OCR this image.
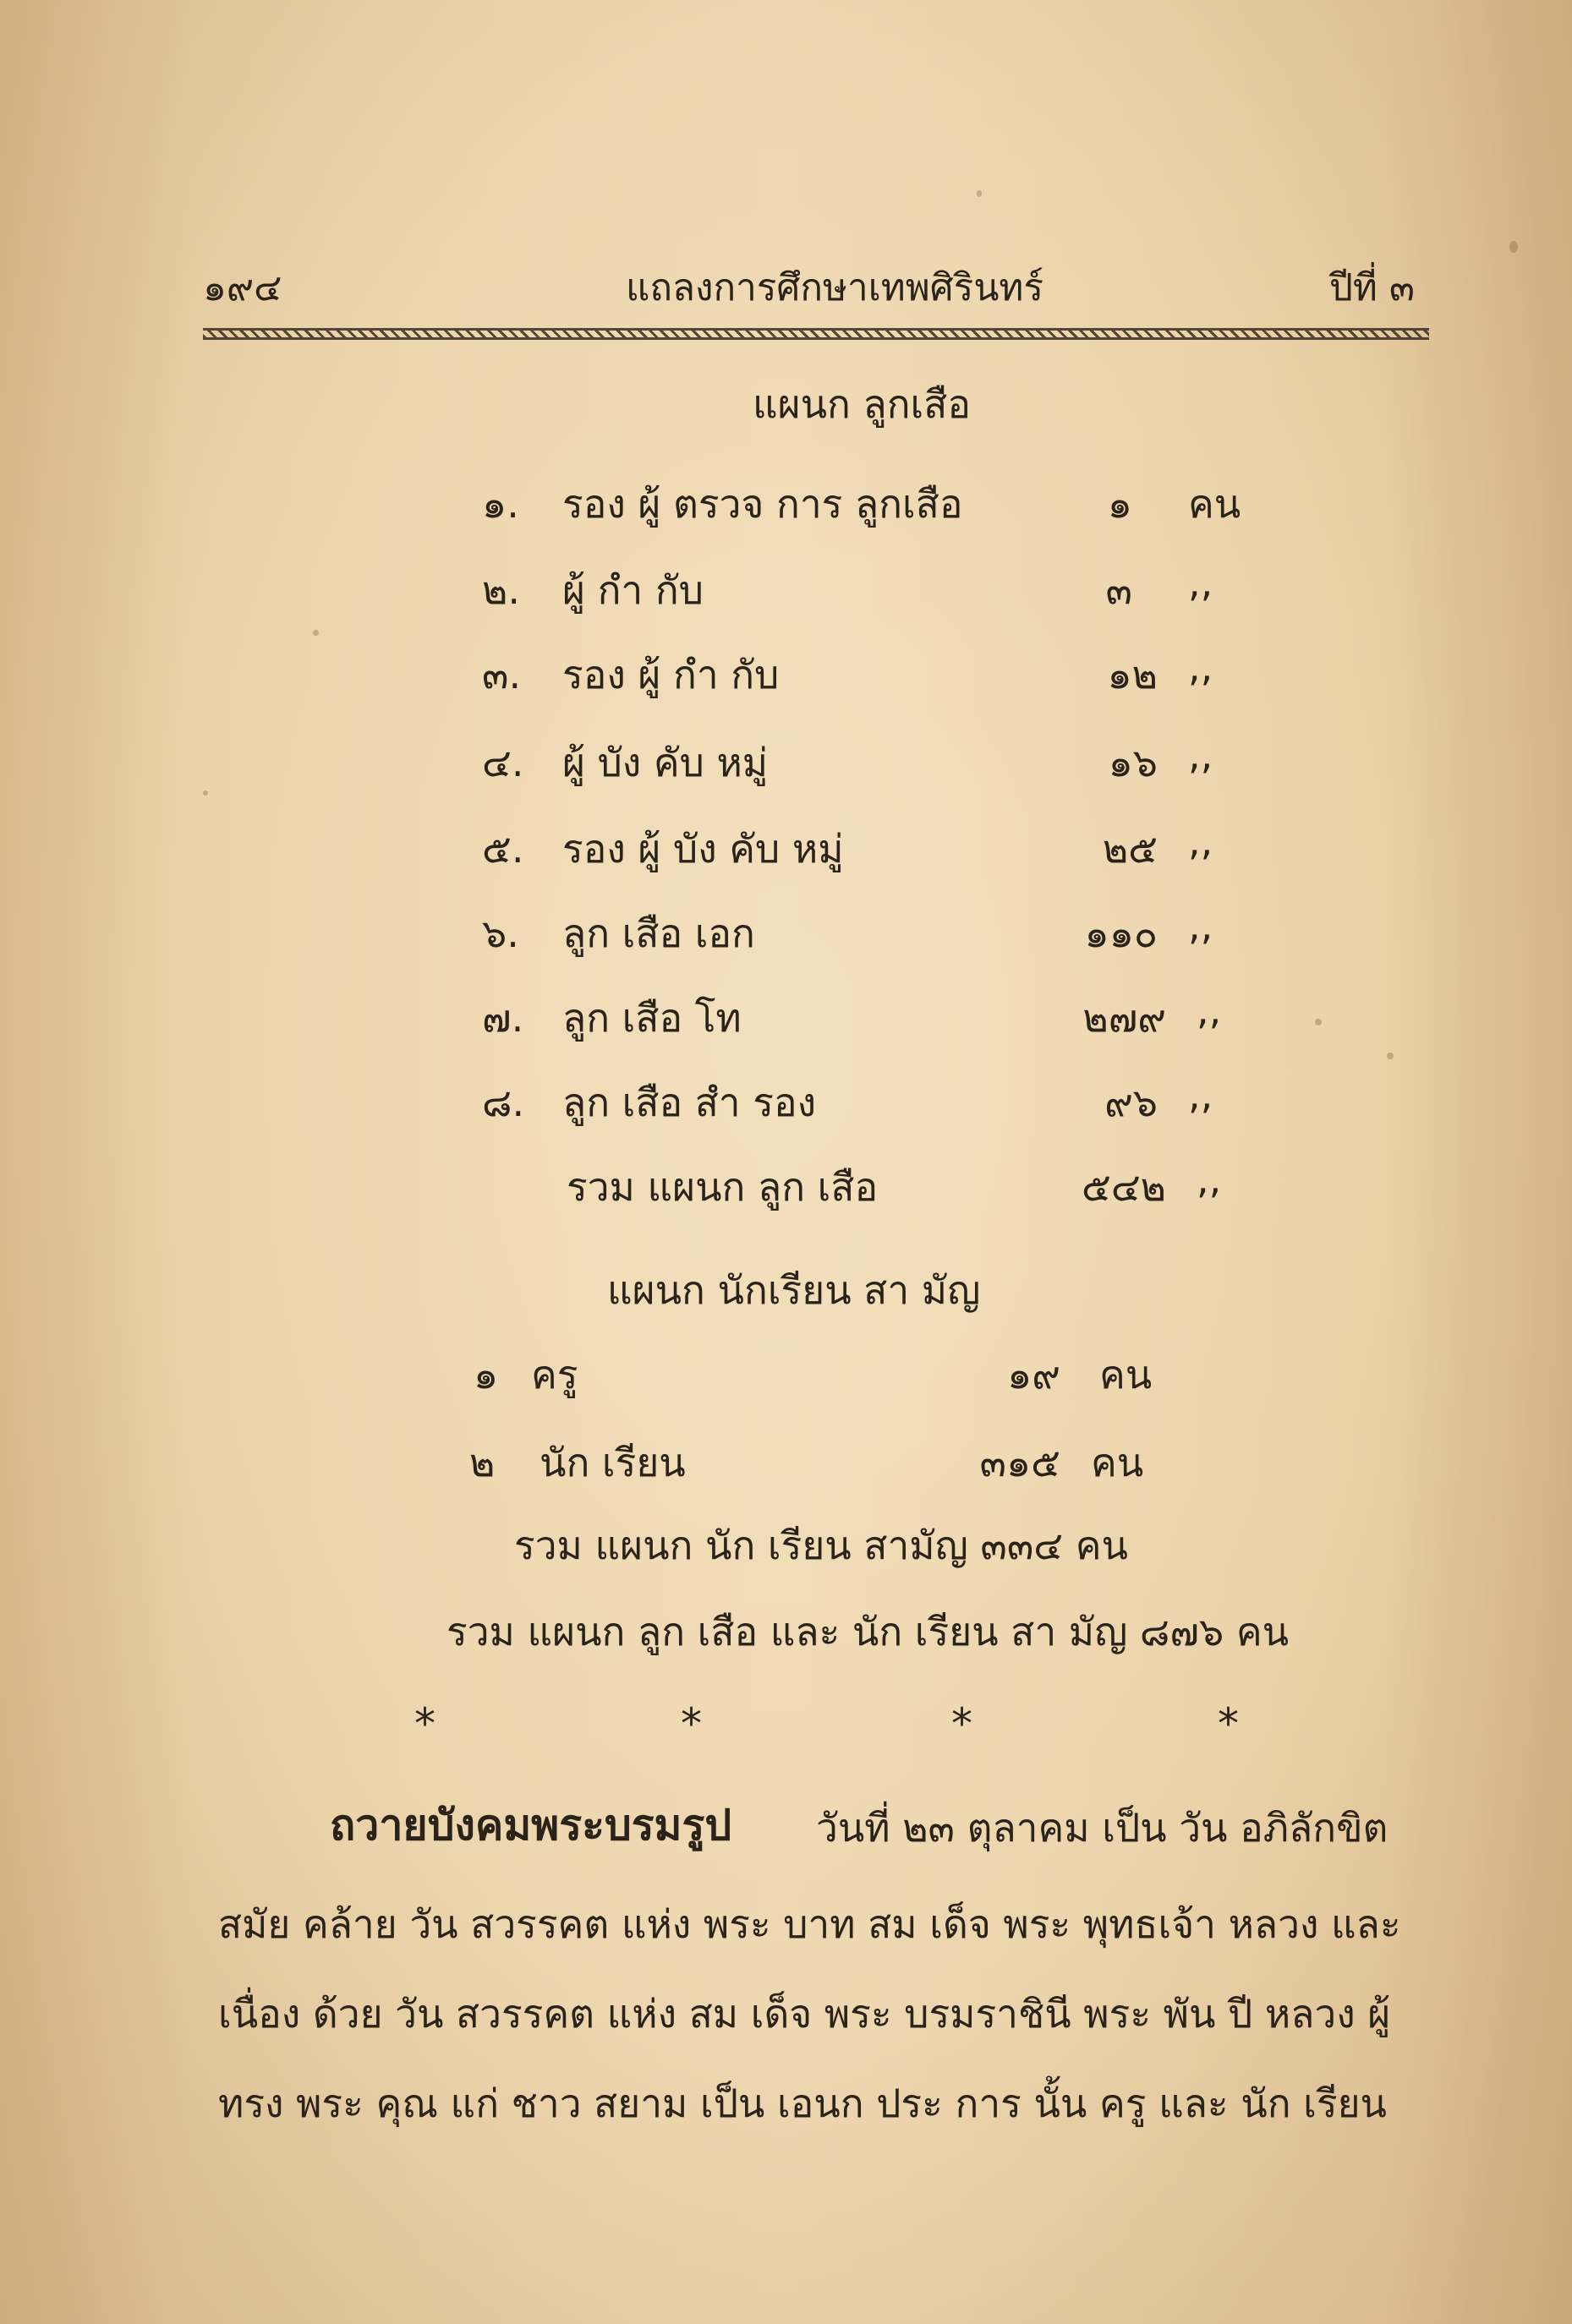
๑๙๔	แถลงการศึกษาเทพศิรินทร์	ปีที่ ๓
แผนก ลูกเสือ
๑. รอง ผู้ ตรวจ การ ลูกเสือ	๑ คน
๒. ผู้ กำ กับ	๓ ,,
๓. รอง ผู้ กำ กับ	๑๒ ,,
๔. ผู้ บัง คับ หมู่	๑๖ ,,
๕. รอง ผู้ บัง คับ หมู่	๒๕ ,,
๖. ลูก เสือ เอก	๑๑๐ ,,
๗. ลูก เสือ โท	๒๗๙ ,,
๘. ลูก เสือ สำ รอง	๙๖ ,,
รวม แผนก ลูก เสือ	๕๔๒ ,,
แผนก นักเรียน สา มัญ
๑ ครู	๑๙ คน
๒ นัก เรียน	๓๑๕ คน
รวม แผนก นัก เรียน สามัญ ๓๓๔ คน
รวม แผนก ลูก เสือ และ นัก เรียน สา มัญ ๘๗๖ คน
*	*	*	*
ถวายบังคมพระบรมรูป วันที่ ๒๓ ตุลาคม เป็น วัน อภิลักขิต
สมัย คล้าย วัน สวรรคต แห่ง พระ บาท สม เด็จ พระ พุทธเจ้า หลวง และ
เนื่อง ด้วย วัน สวรรคต แห่ง สม เด็จ พระ บรมราชินี พระ พัน ปี หลวง ผู้
ทรง พระ คุณ แก่ ชาว สยาม เป็น เอนก ประ การ นั้น ครู และ นัก เรียน
